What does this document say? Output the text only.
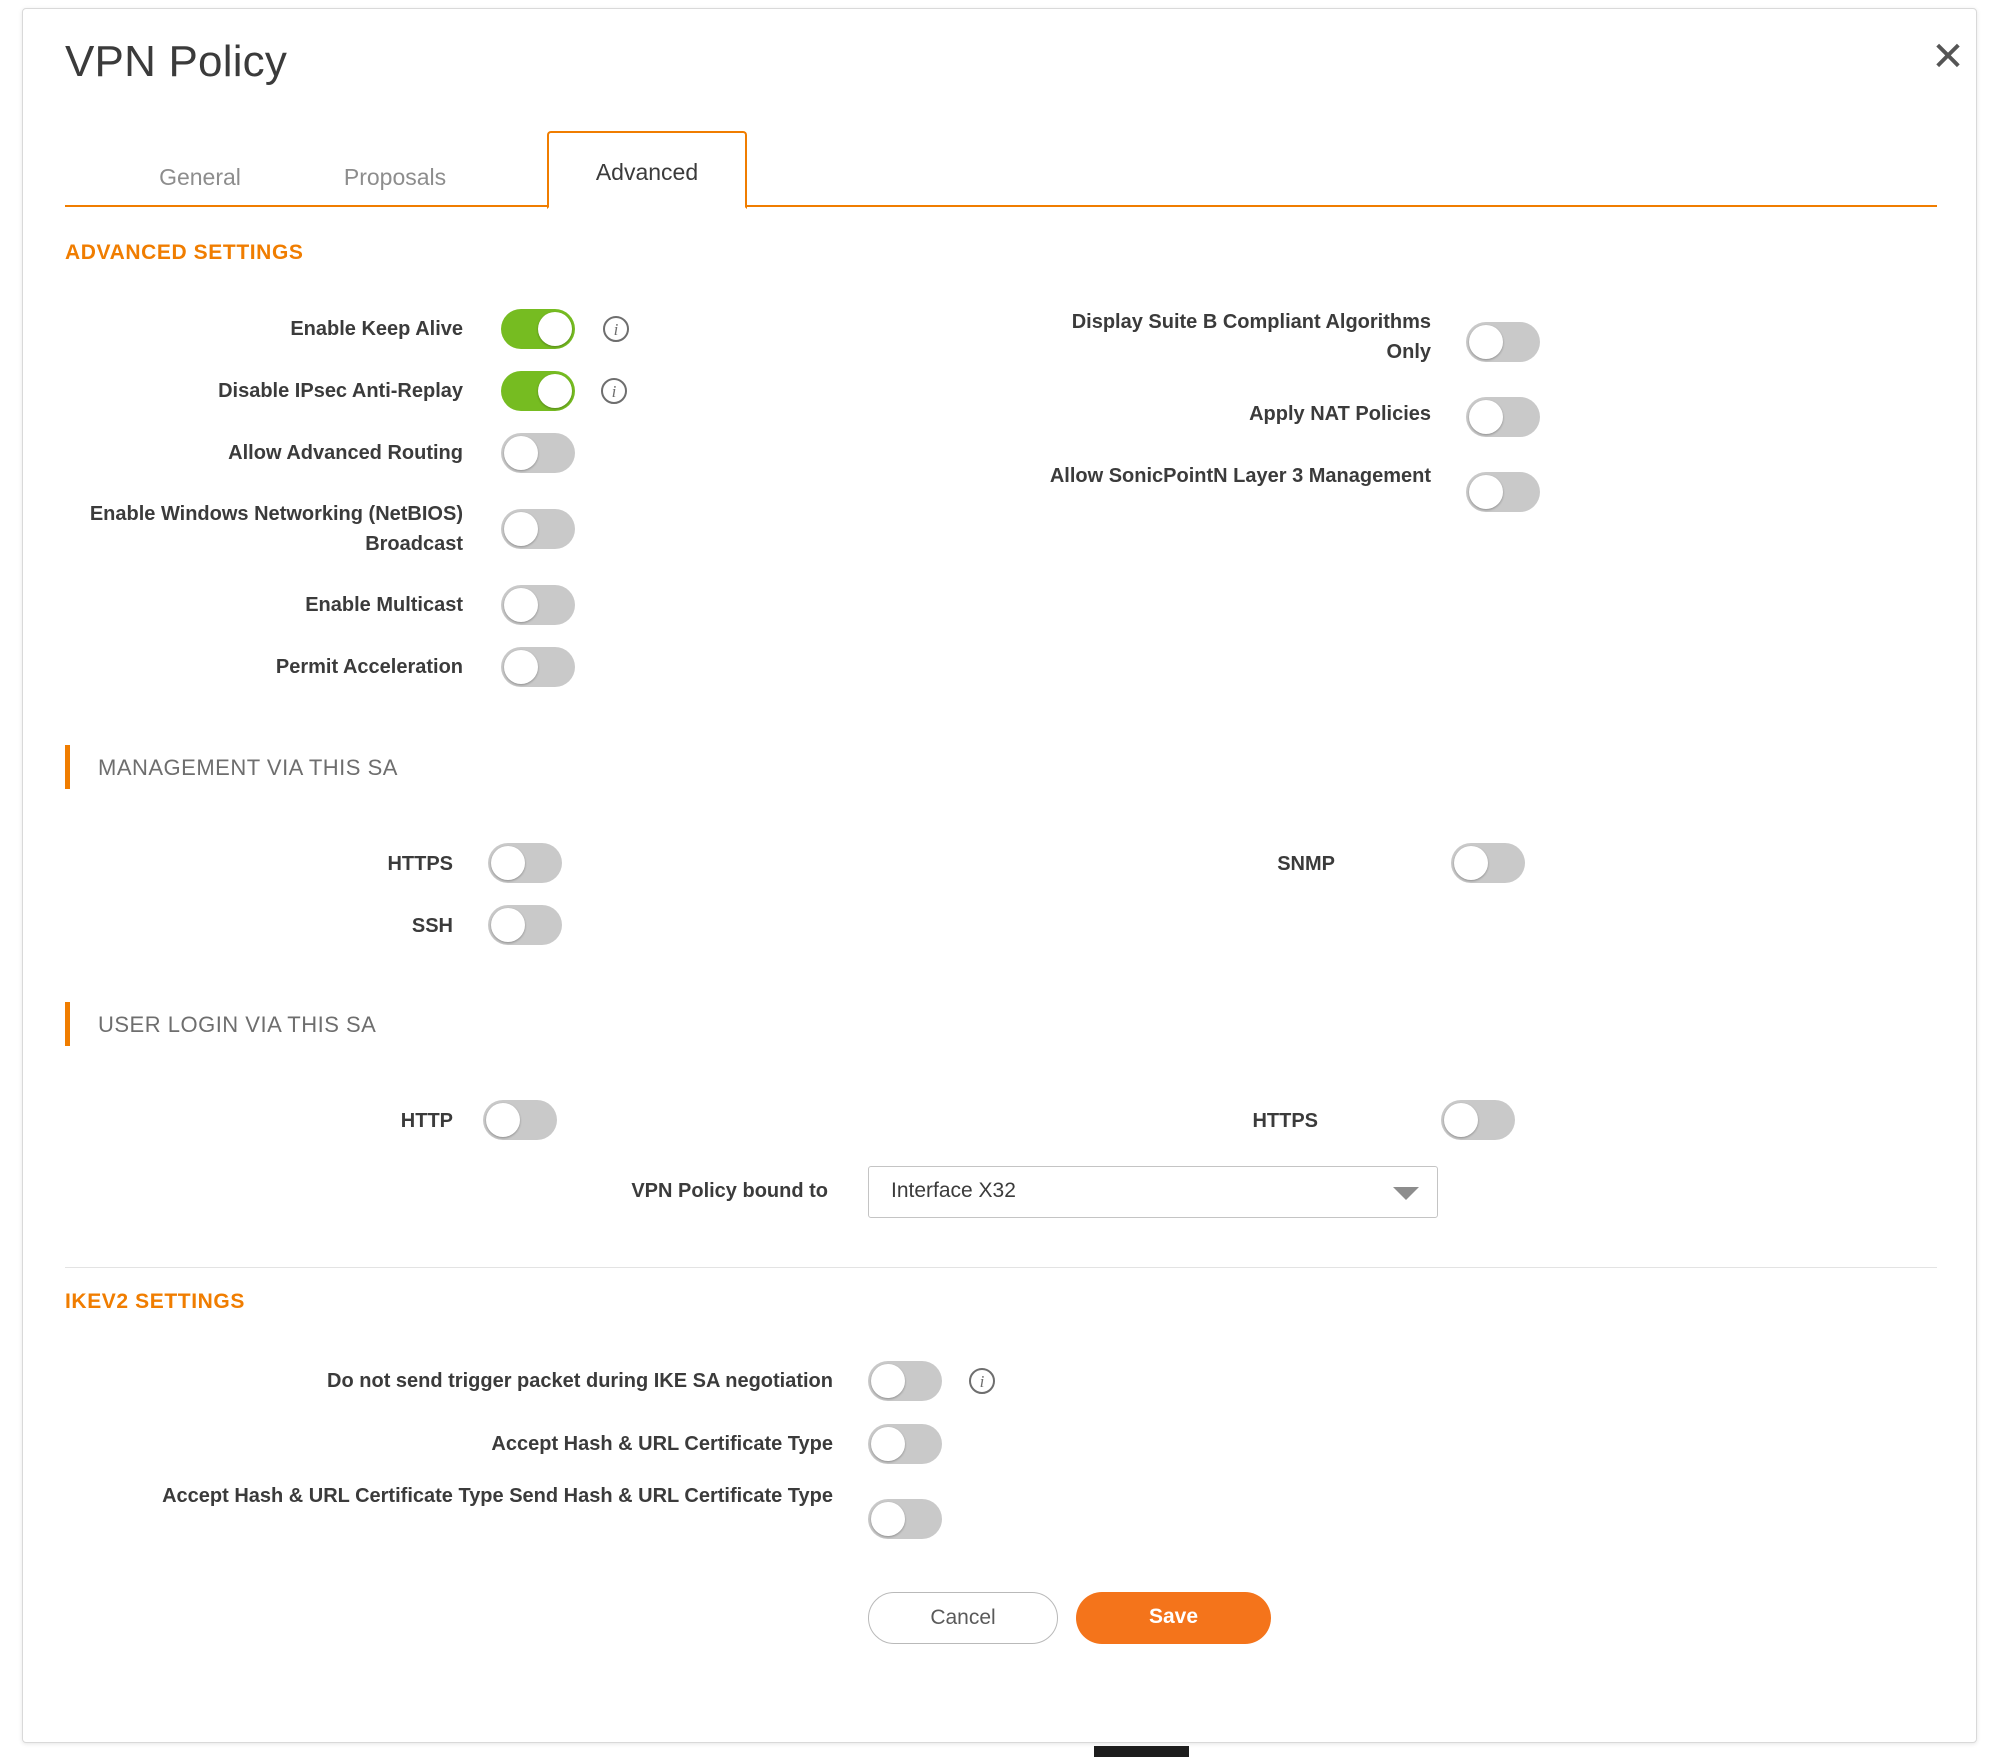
VPN Policy
General	Proposals	Advanced
ADVANCED SETTINGS
Enable Keep Alive
Disable IPsec Anti-Replay
Allow Advanced Routing
Enable Windows Networking (NetBIOS) Broadcast
Enable Multicast
Permit Acceleration
i
i
Display Suite B Compliant Algorithms Only
Apply NAT Policies
Allow SonicPointN Layer 3 Management
MANAGEMENT VIA THIS SA
HTTPS
SSH
SNMP
USER LOGIN VIA THIS SA
HTTP	HTTPS
VPN Policy bound to	Interface X32
IKEV2 SETTINGS
Do not send trigger packet during IKE SA negotiation	i
Accept Hash & URL Certificate Type
Accept Hash & URL Certificate Type Send Hash & URL Certificate Type
Cancel	Save
✕
